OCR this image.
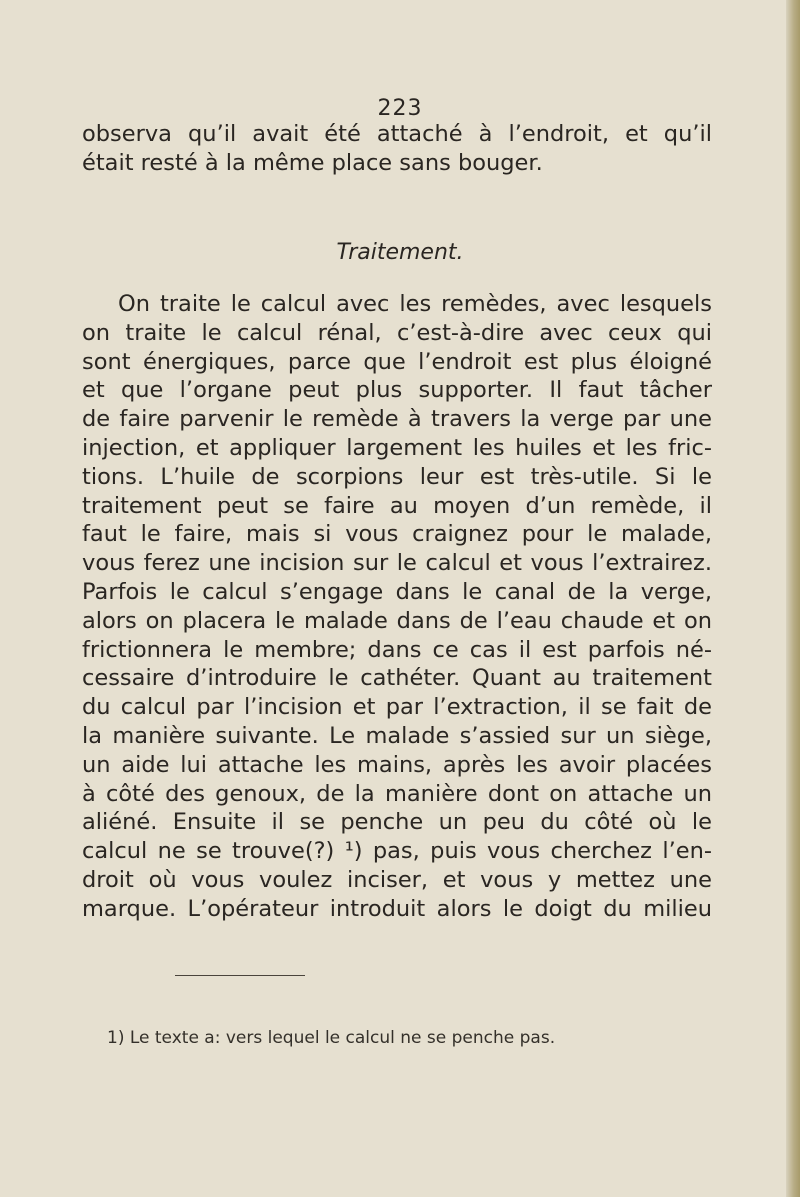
223
observa qu’il avait été attaché à l’endroit, et qu’il
était resté à la même place sans bouger.
Traitement.
On traite le calcul avec les remèdes, avec lesquels
on traite le calcul rénal, c’est-à-dire avec ceux qui
sont énergiques, parce que l’endroit est plus éloigné
et que l’organe peut plus supporter. Il faut tâcher
de faire parvenir le remède à travers la verge par une
injection, et appliquer largement les huiles et les fric-
tions. L’huile de scorpions leur est très-utile. Si le
traitement peut se faire au moyen d’un remède, il
faut le faire, mais si vous craignez pour le malade,
vous ferez une incision sur le calcul et vous l’extrairez.
Parfois le calcul s’engage dans le canal de la verge,
alors on placera le malade dans de l’eau chaude et on
frictionnera le membre; dans ce cas il est parfois né-
cessaire d’introduire le cathéter. Quant au traitement
du calcul par l’incision et par l’extraction, il se fait de
la manière suivante. Le malade s’assied sur un siège,
un aide lui attache les mains, après les avoir placées
à côté des genoux, de la manière dont on attache un
aliéné. Ensuite il se penche un peu du côté où le
calcul ne se trouve(?) ¹) pas, puis vous cherchez l’en-
droit où vous voulez inciser, et vous y mettez une
marque. L’opérateur introduit alors le doigt du milieu
1) Le texte a: vers lequel le calcul ne se penche pas.
